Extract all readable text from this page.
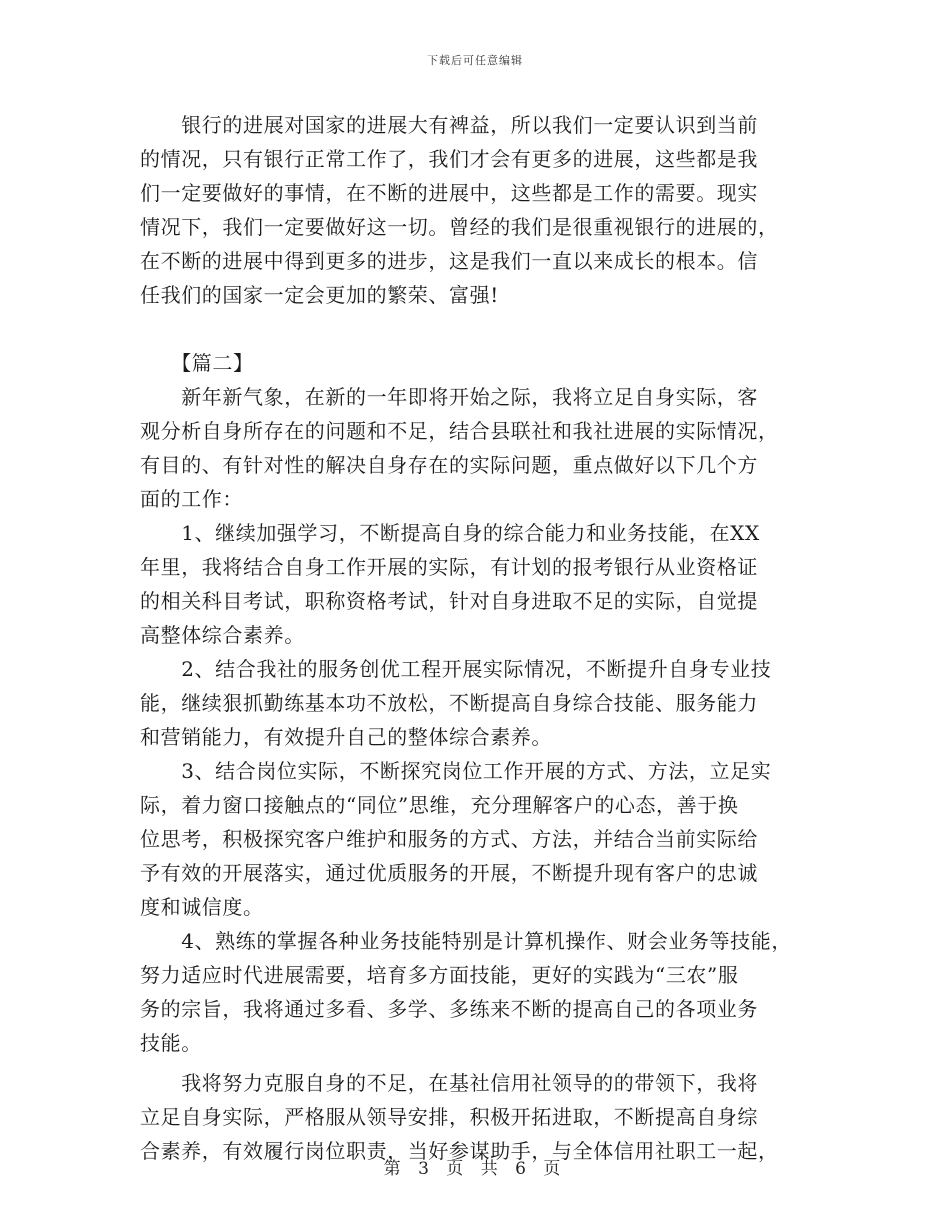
下载后可任意编辑
　　银行的进展对国家的进展大有裨益，所以我们一定要认识到当前
的情况，只有银行正常工作了，我们才会有更多的进展，这些都是我
们一定要做好的事情，在不断的进展中，这些都是工作的需要。现实
情况下，我们一定要做好这一切。曾经的我们是很重视银行的进展的，
在不断的进展中得到更多的进步，这是我们一直以来成长的根本。信
任我们的国家一定会更加的繁荣、富强!
　　【篇二】
　　新年新气象，在新的一年即将开始之际，我将立足自身实际，客
观分析自身所存在的问题和不足，结合县联社和我社进展的实际情况，
有目的、有针对性的解决自身存在的实际问题，重点做好以下几个方
面的工作：
　　1、继续加强学习，不断提高自身的综合能力和业务技能，在XX
年里，我将结合自身工作开展的实际，有计划的报考银行从业资格证
的相关科目考试，职称资格考试，针对自身进取不足的实际，自觉提
高整体综合素养。
　　2、结合我社的服务创优工程开展实际情况，不断提升自身专业技
能，继续狠抓勤练基本功不放松，不断提高自身综合技能、服务能力
和营销能力，有效提升自己的整体综合素养。
　　3、结合岗位实际，不断探究岗位工作开展的方式、方法，立足实
际，着力窗口接触点的“同位”思维，充分理解客户的心态，善于换
位思考，积极探究客户维护和服务的方式、方法，并结合当前实际给
予有效的开展落实，通过优质服务的开展，不断提升现有客户的忠诚
度和诚信度。
　　4、熟练的掌握各种业务技能特别是计算机操作、财会业务等技能，
努力适应时代进展需要，培育多方面技能，更好的实践为“三农”服
务的宗旨，我将通过多看、多学、多练来不断的提高自己的各项业务
技能。
　　我将努力克服自身的不足，在基社信用社领导的的带领下，我将
立足自身实际，严格服从领导安排，积极开拓进取，不断提高自身综
合素养，有效履行岗位职责，当好参谋助手，与全体信用社职工一起，
第 3 页 共 6 页
